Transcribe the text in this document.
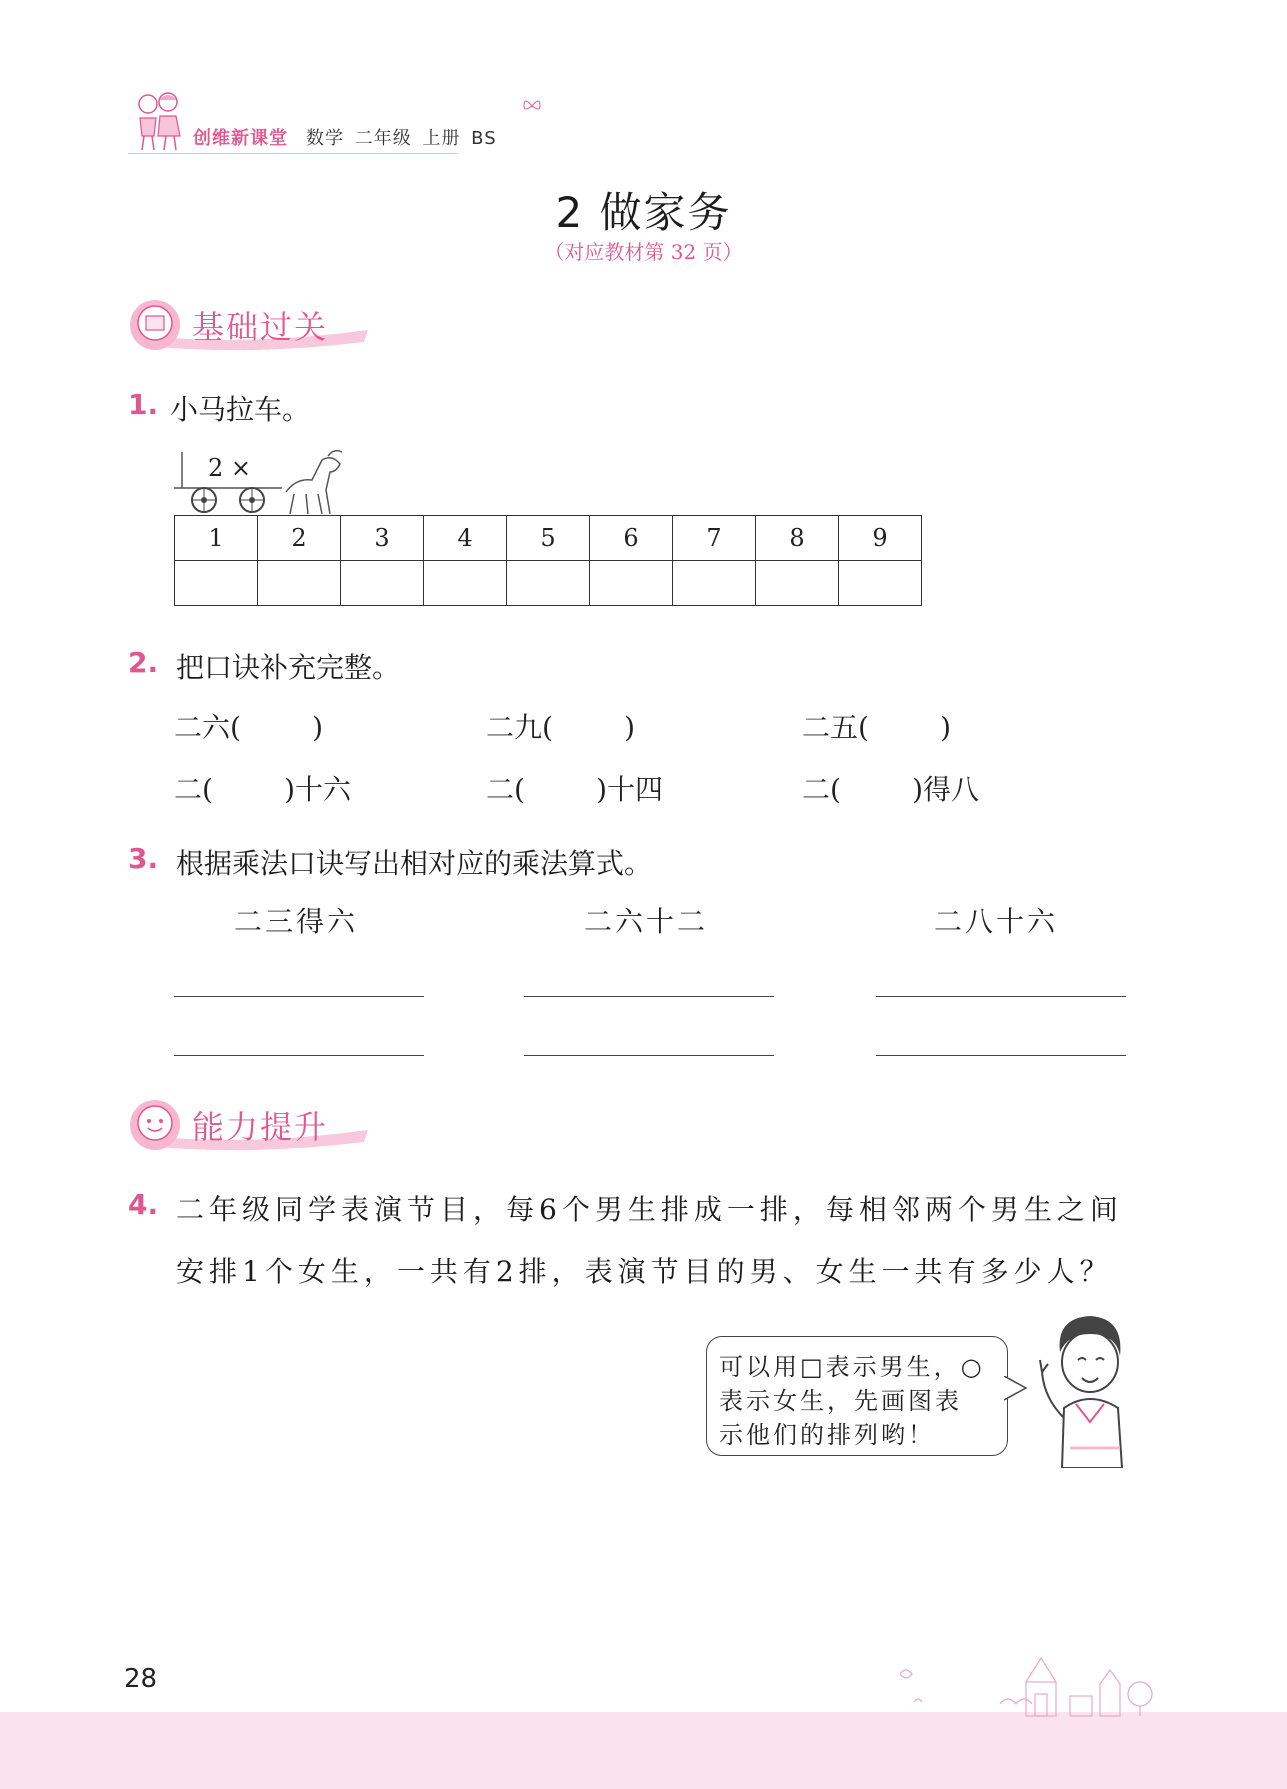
创维新课堂 数学 二年级 上册 BS
2 做家务
（对应教材第 32 页）
基础过关
1. 小马拉车。
2 ×
1	2	3	4	5	6	7	8	9

2. 把口诀补充完整。
二六(        )	二九(        )	二五(        )
二(        )十六	二(        )十四	二(        )得八
3. 根据乘法口诀写出相对应的乘法算式。
二三得六	二六十二	二八十六
能力提升
4. 二年级同学表演节目，每6个男生排成一排，每相邻两个男生之间
安排1个女生，一共有2排，表演节目的男、女生一共有多少人？
可以用□表示男生，○
表示女生，先画图表
示他们的排列哟！
28
